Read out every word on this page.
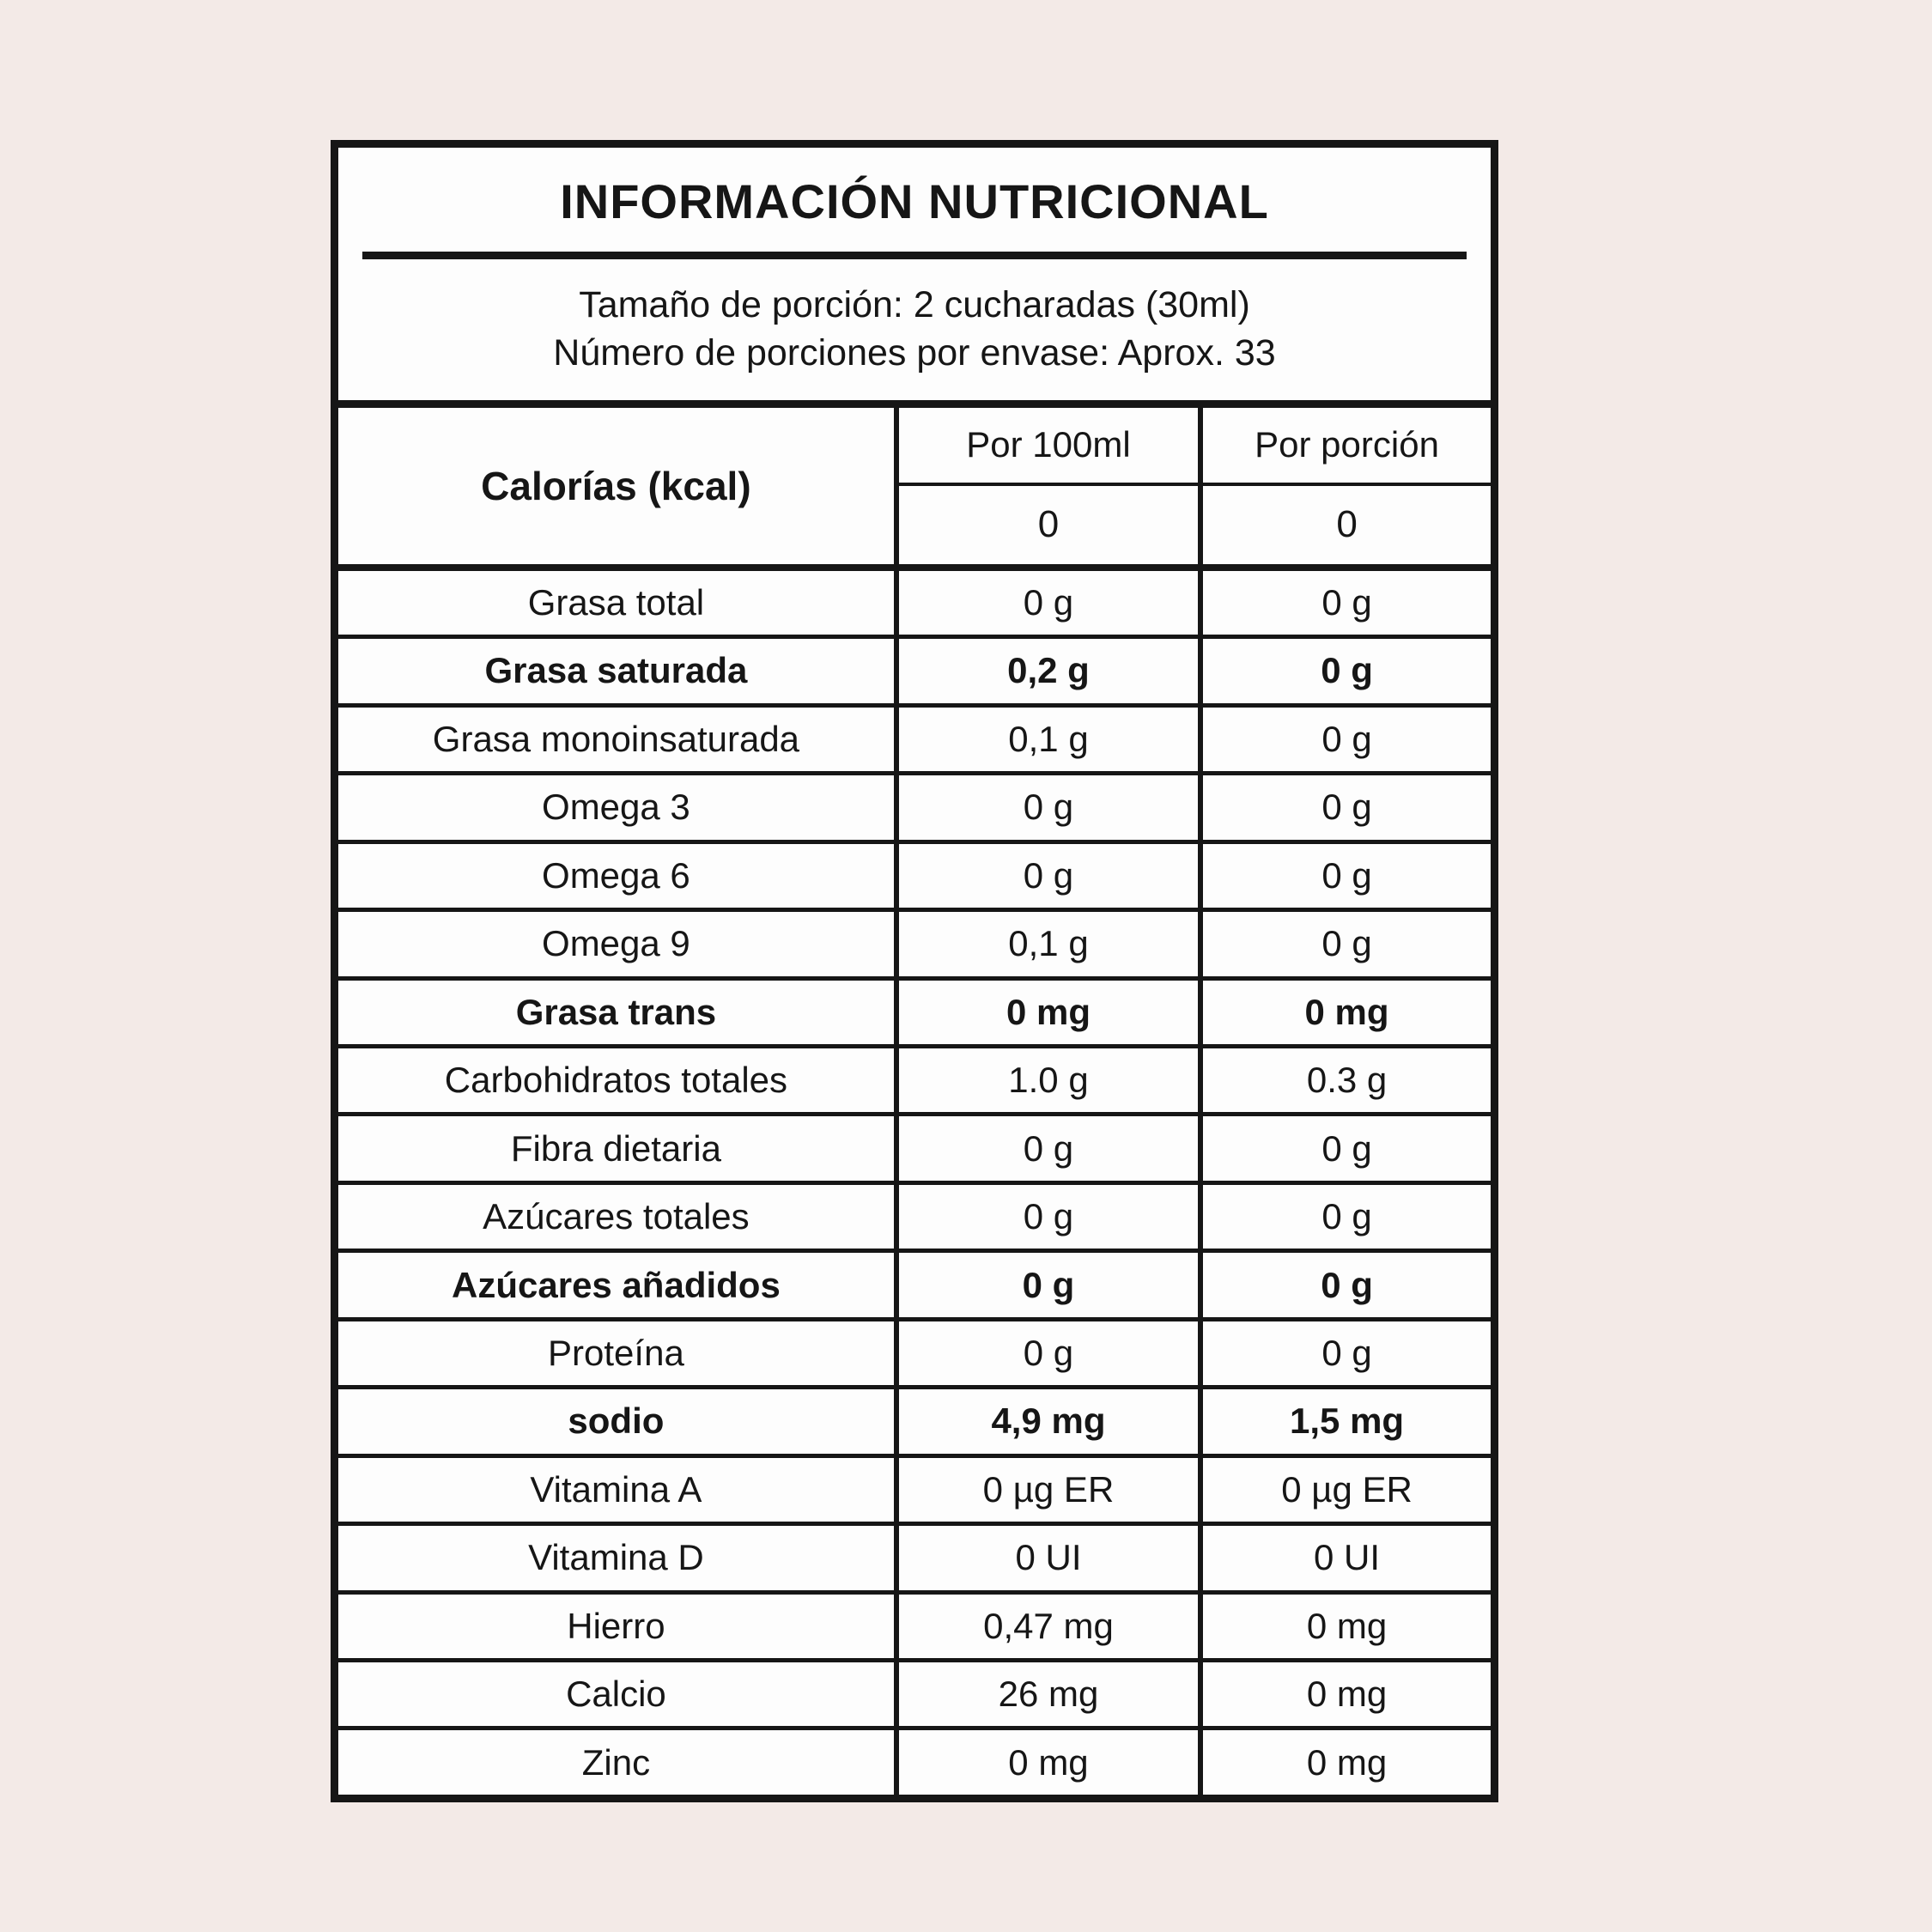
INFORMACIÓN NUTRICIONAL
Tamaño de porción: 2 cucharadas (30ml)
Número de porciones por envase: Aprox. 33
Calorías (kcal)
Por 100ml	Por porción
0	0
Grasa total	0 g	0 g
Grasa saturada	0,2 g	0 g
Grasa monoinsaturada	0,1 g	0 g
Omega 3	0 g	0 g
Omega 6	0 g	0 g
Omega 9	0,1 g	0 g
Grasa trans	0 mg	0 mg
Carbohidratos totales	1.0 g	0.3 g
Fibra dietaria	0 g	0 g
Azúcares totales	0 g	0 g
Azúcares añadidos	0 g	0 g
Proteína	0 g	0 g
sodio	4,9 mg	1,5 mg
Vitamina A	0 µg ER	0 µg ER
Vitamina D	0 UI	0 UI
Hierro	0,47 mg	0 mg
Calcio	26 mg	0 mg
Zinc	0 mg	0 mg
